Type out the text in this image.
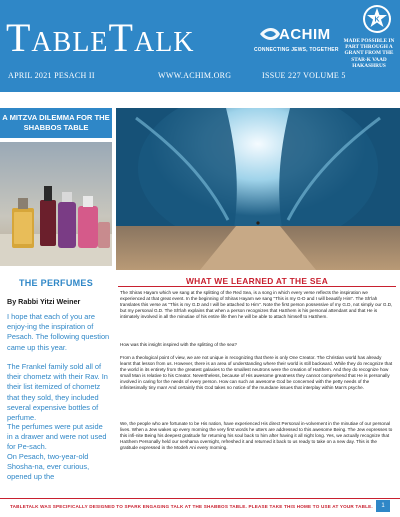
TableTalk	ACHIM
CONNECTING JEWS, TOGETHER
K
MADE POSSIBLE IN PART THROUGH A GRANT FROM THE STAR-K VAAD HAKASHRUS
APRIL 2021 PESACH II	WWW.ACHIM.ORG	ISSUE 227 VOLUME 5
A MITZVA DILEMMA FOR THE
SHABBOS TABLE
THE PERFUMES
By Rabbi Yitzi Weiner
I hope that each of you are enjoy-ing the inspiration of Pesach. The following question came up this year.
The Frankel family sold all of their chometz with their Rav. In their list itemized of chometz that they sold, they included several expensive bottles of perfume.
The perfumes were put aside in a drawer and were not used for Pe-sach.
On Pesach, two-year-old Shosha-na, ever curious, opened up the
WHAT WE LEARNED AT THE SEA
The Shiras Hayam which we sang at the splitting of the Red Sea, is a song in which every verse reflects the inspiration we experienced at that great event. In the beginning of Shiras Hayam we sang "This is my G-D and I will beautify Him". The Sh'lah translates this verse as "This is my G.D and I will be attached to Him". Note the first person possessive of my G.D, not simply our G.D, but my personal G.D. The Sh'lah explains that when a person recognizes that HaShem is his personal attendant and that He is intimately involved in all the minutiae of his entire life then he will be able to attach himself to HaShem.
How was this insight inspired with the splitting of the sea?
From a theological point of view, we are not unique in recognizing that there is only One Creator. The Christian world has already learnt that lesson from us. However, there is an area of understanding where their world is still backward. While they do recognize that the world in its entirety from the greatest galaxies to the smallest neutrons were the creation of HaShem. And they do recognize how small Man is relative to his Creator. Nevertheless, because of His awesome greatness they cannot comprehend that He is personally involved in caring for the needs of every person. How can such an awesome God be concerned with the petty needs of the infinitesimally tiny man! And certainly this God takes no notice of the mundane issues that interplay within Man's psyche.
We, the people who are fortunate to be His nation, have experienced His direct Personal in-volvement in the minutiae of our personal lives. When a Jew wakes up every morning the very first words he utters are addressed to this awesome Being. The Jew expresses to this infi-nite Being his deepest gratitude for returning his soul back to him after having it all night long. Yes, we actually recognize that HaShem Personally held our neshama overnight, refreshed it and returned it back to us ready to take on a new day. This is the gratitude expressed in the Modeh Ani every morning.
TABLETALK WAS SPECIFICALLY DESIGNED TO SPARK ENGAGING TALK AT THE SHABBOS TABLE. PLEASE TAKE THIS HOME TO USE AT YOUR TABLE.	1
